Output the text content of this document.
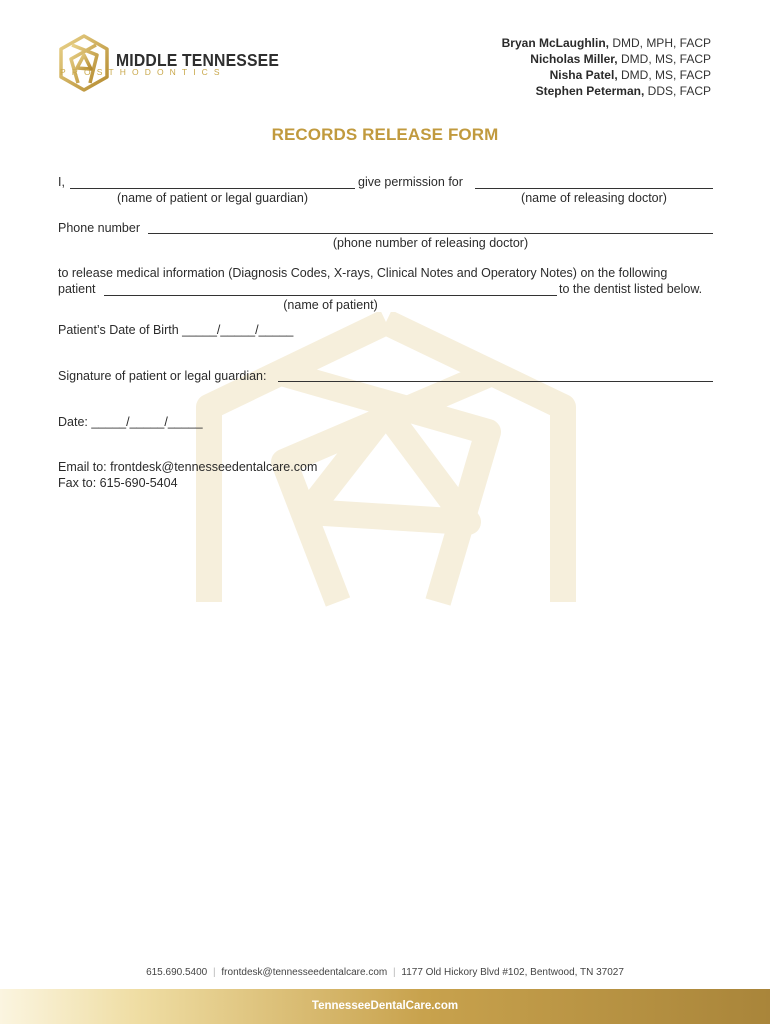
MIDDLE TENNESSEE
PROSTHODONTICS
Bryan McLaughlin, DMD, MPH, FACP
Nicholas Miller, DMD, MS, FACP
Nisha Patel, DMD, MS, FACP
Stephen Peterman, DDS, FACP
RECORDS RELEASE FORM
I,	give permission for
(name of patient or legal guardian)	(name of releasing doctor)
Phone number
(phone number of releasing doctor)
to release medical information (Diagnosis Codes, X-rays, Clinical Notes and Operatory Notes) on the following
patient	to the dentist listed below.
(name of patient)
Patient’s Date of Birth _____/_____/_____
Signature of patient or legal guardian:
Date: _____/_____/_____
Email to: frontdesk@tennesseedentalcare.com
Fax to: 615-690-5404
615.690.5400 | frontdesk@tennesseedentalcare.com | 1177 Old Hickory Blvd #102, Bentwood, TN 37027
TennesseeDentalCare.com
